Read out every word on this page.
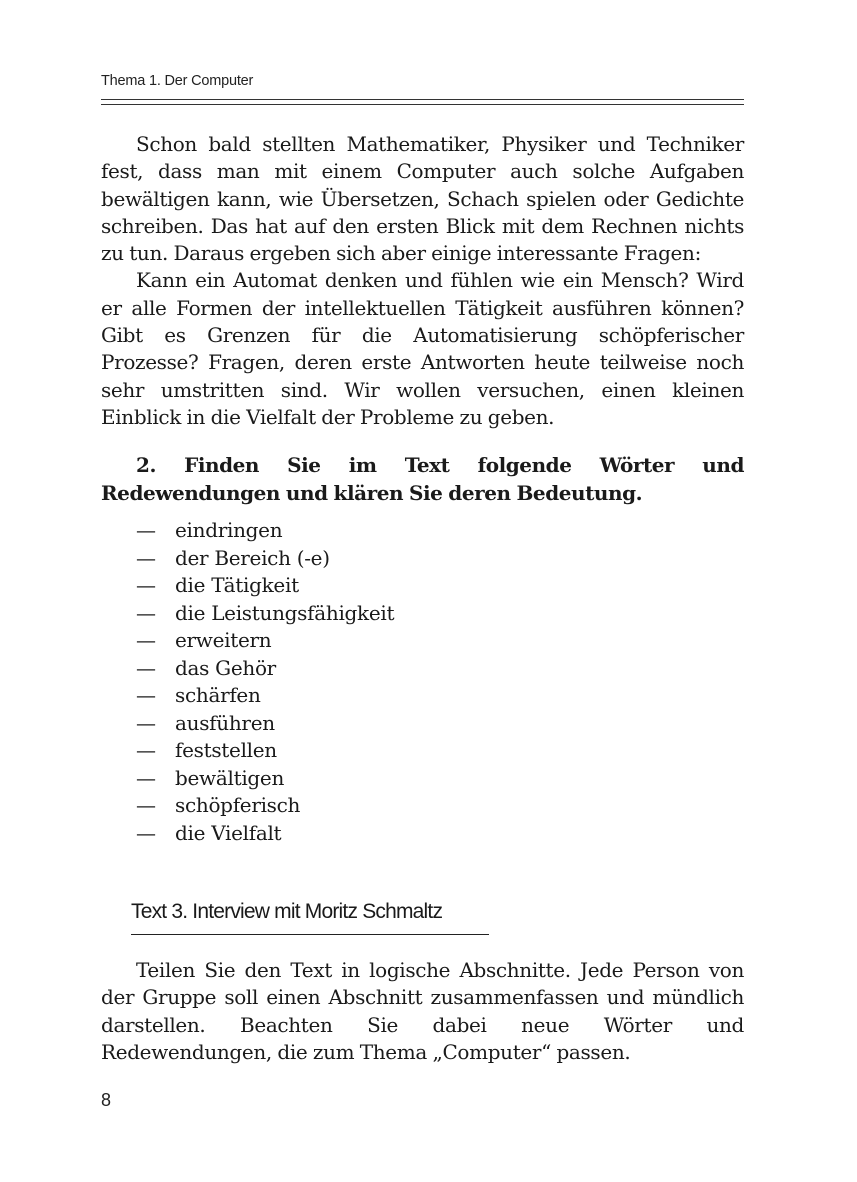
Thema 1. Der Computer

Schon bald stellten Mathematiker, Physiker und Techniker fest, dass man mit einem Computer auch solche Aufgaben bewältigen kann, wie Übersetzen, Schach spielen oder Gedichte schreiben. Das hat auf den ersten Blick mit dem Rechnen nichts zu tun. Daraus ergeben sich aber einige interessante Fragen:

Kann ein Automat denken und fühlen wie ein Mensch? Wird er alle Formen der intellektuellen Tätigkeit ausführen können? Gibt es Grenzen für die Automatisierung schöpferischer Prozesse? Fragen, deren erste Antworten heute teilweise noch sehr umstritten sind. Wir wollen versuchen, einen kleinen Einblick in die Vielfalt der Probleme zu geben.

2. Finden Sie im Text folgende Wörter und Redewendungen und klären Sie deren Bedeutung.

— eindringen
— der Bereich (-e)
— die Tätigkeit
— die Leistungsfähigkeit
— erweitern
— das Gehör
— schärfen
— ausführen
— feststellen
— bewältigen
— schöpferisch
— die Vielfalt
Text 3. Interview mit Moritz Schmaltz

Teilen Sie den Text in logische Abschnitte. Jede Person von der Gruppe soll einen Abschnitt zusammenfassen und mündlich darstellen. Beachten Sie dabei neue Wörter und Redewendungen, die zum Thema „Computer“ passen.

8
